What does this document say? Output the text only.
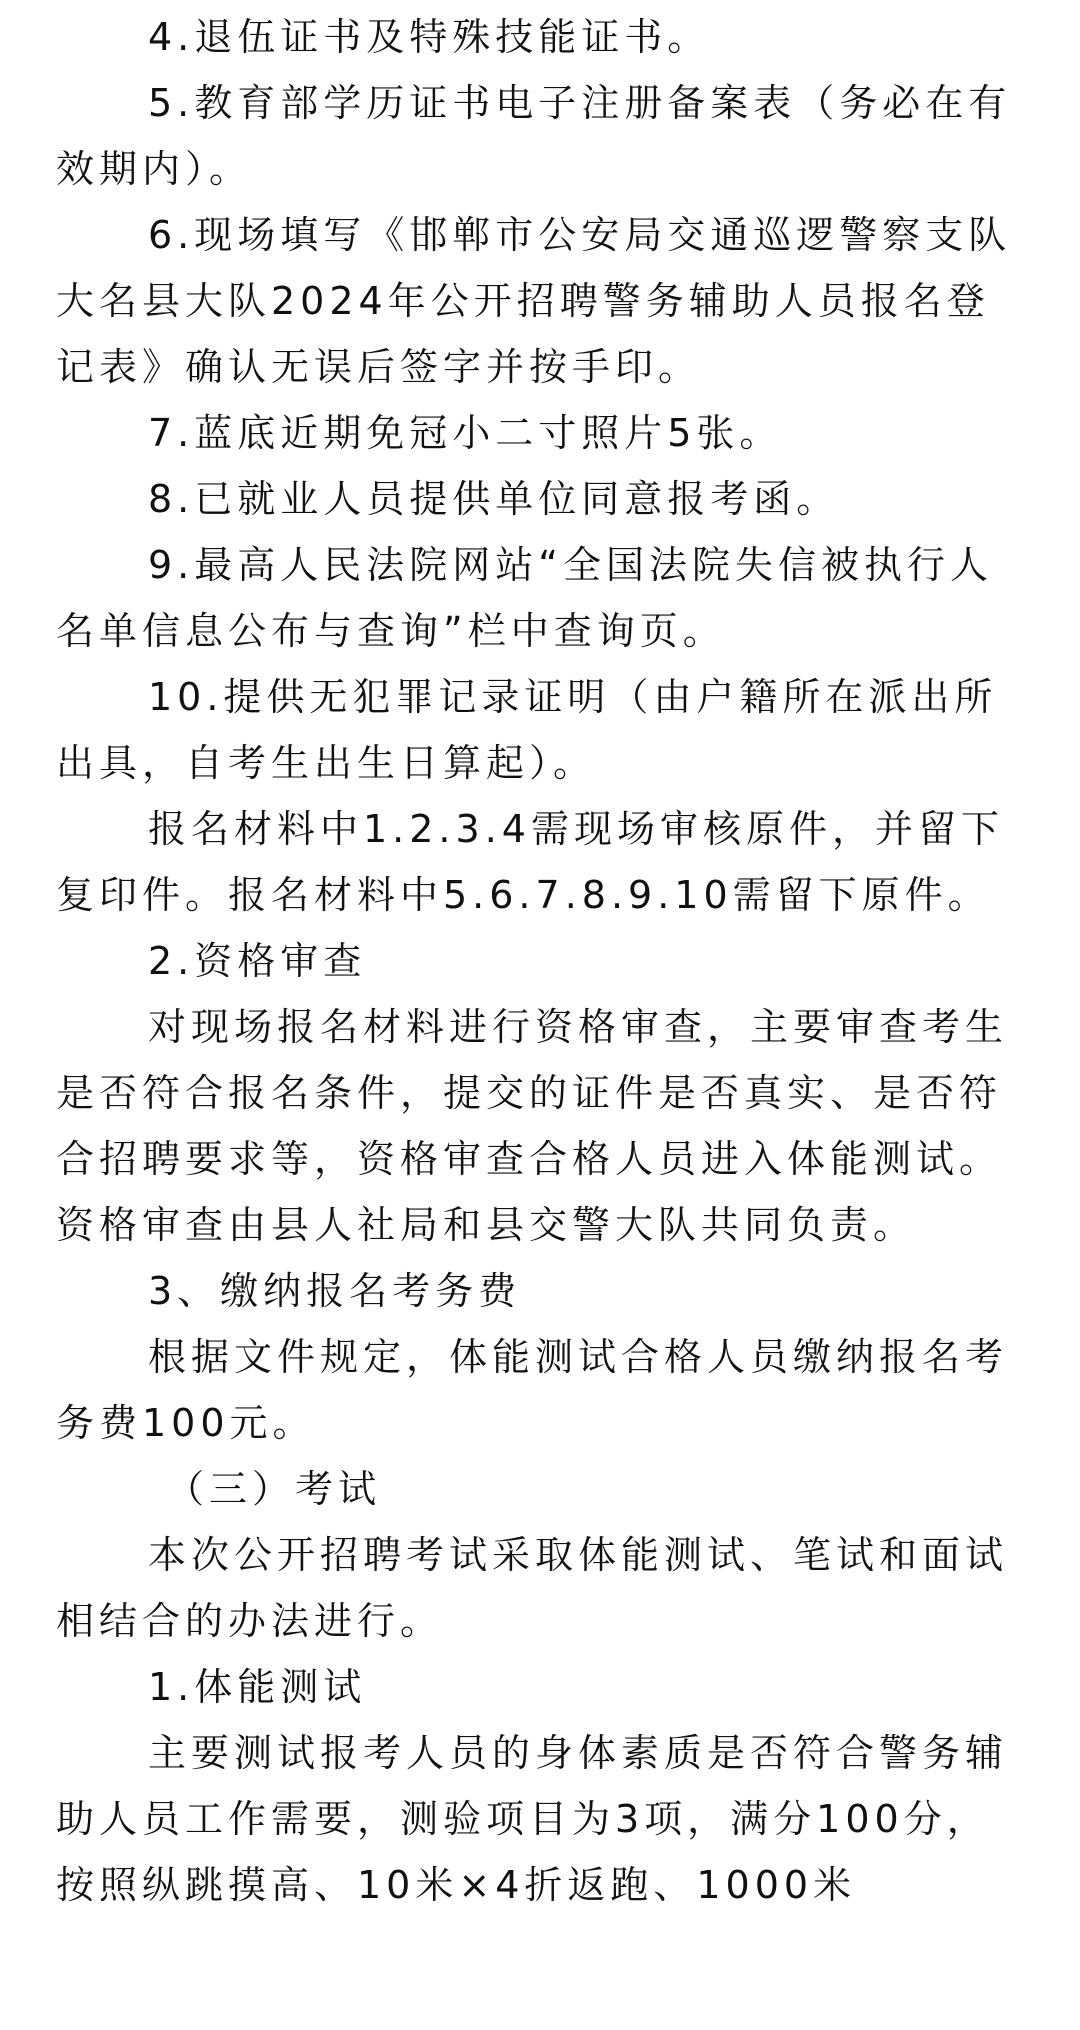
4.退伍证书及特殊技能证书。

5.教育部学历证书电子注册备案表（务必在有效期内）。

6.现场填写《邯郸市公安局交通巡逻警察支队大名县大队2024年公开招聘警务辅助人员报名登记表》确认无误后签字并按手印。

7.蓝底近期免冠小二寸照片5张。

8.已就业人员提供单位同意报考函。

9.最高人民法院网站“全国法院失信被执行人名单信息公布与查询”栏中查询页。

10.提供无犯罪记录证明（由户籍所在派出所出具，自考生出生日算起）。

报名材料中1.2.3.4需现场审核原件，并留下复印件。报名材料中5.6.7.8.9.10需留下原件。

2.资格审查

对现场报名材料进行资格审查，主要审查考生是否符合报名条件，提交的证件是否真实、是否符合招聘要求等，资格审查合格人员进入体能测试。资格审查由县人社局和县交警大队共同负责。

3、缴纳报名考务费

根据文件规定，体能测试合格人员缴纳报名考务费100元。

（三）考试

本次公开招聘考试采取体能测试、笔试和面试相结合的办法进行。

1.体能测试

主要测试报考人员的身体素质是否符合警务辅助人员工作需要，测验项目为3项，满分100分，按照纵跳摸高、10米×4折返跑、1000米
